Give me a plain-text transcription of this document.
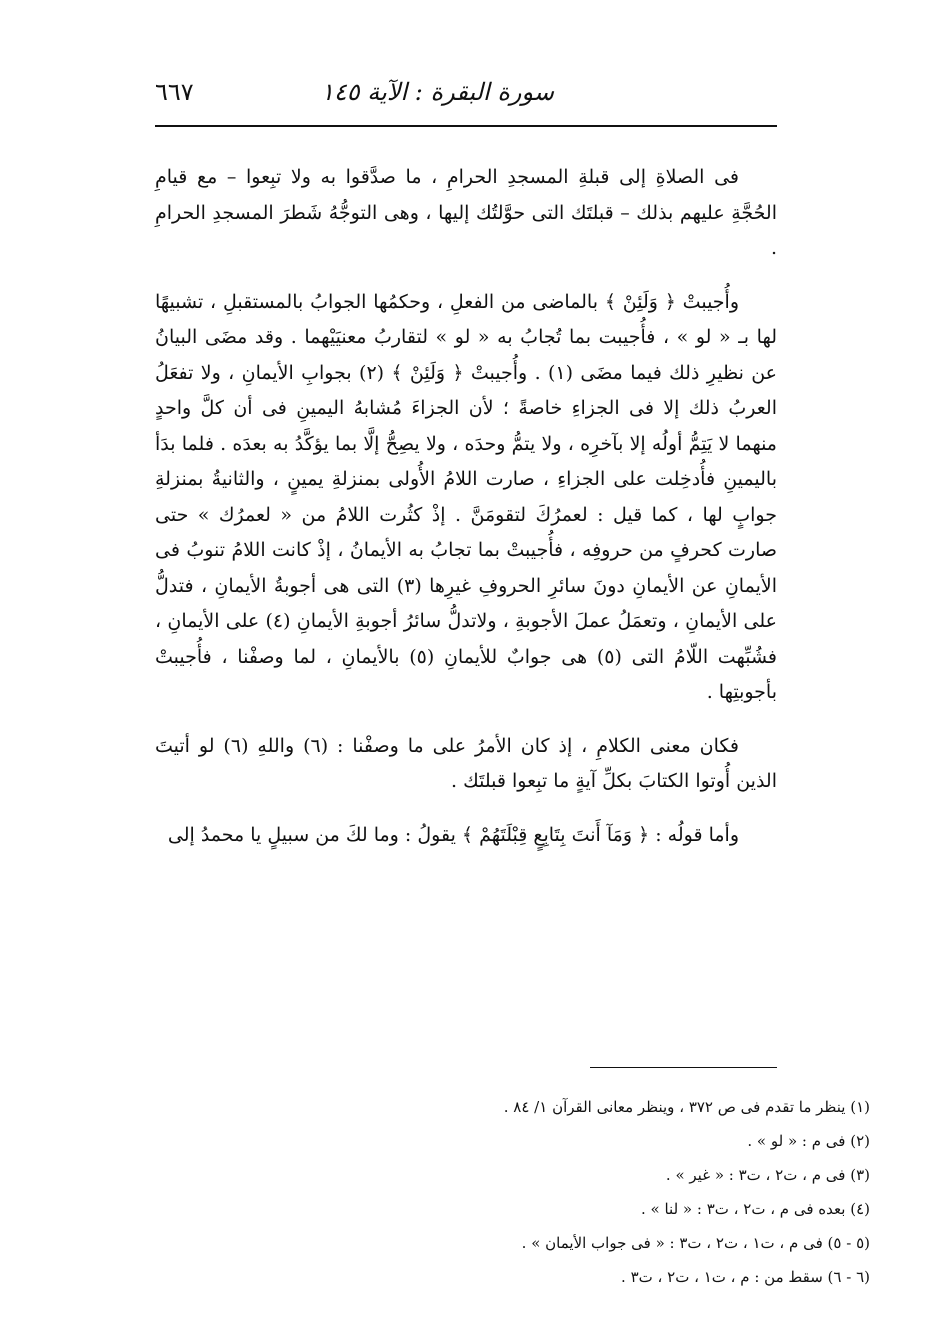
سورة البقرة : الآية ١٤٥
٦٦٧

فى الصلاةِ إلى قبلةِ المسجدِ الحرامِ ، ما صدَّقوا به ولا تبِعوا – مع قيامِ الحُجَّةِ عليهم بذلك – قبلتَك التى حوَّلتُك إليها ، وهى التوجُّهُ شَطرَ المسجدِ الحرامِ .

وأُجيبتْ ﴿ وَلَئِنْ ﴾ بالماضى من الفعلِ ، وحكمُها الجوابُ بالمستقبلِ ، تشبيهًا لها بـ « لو » ، فأُجيبت بما تُجابُ به « لو » لتقاربُ معنيَيْهما . وقد مضَى البيانُ عن نظيرِ ذلك فيما مضَى (١) . وأُجيبتْ ﴿ وَلَئِنْ ﴾ (٢) بجوابِ الأيمانِ ، ولا تفعَلُ العربُ ذلك إلا فى الجزاءِ خاصةً ؛ لأن الجزاءَ مُشابهُ اليمينِ فى أن كلَّ واحدٍ منهما لا يَتِمُّ أولُه إلا بآخرِه ، ولا يتمُّ وحدَه ، ولا يصِحُّ إلَّا بما يؤكَّدُ به بعدَه . فلما بدَأ باليمينِ فأُدخِلت على الجزاءِ ، صارت اللامُ الأُولى بمنزلةِ يمينٍ ، والثانيةُ بمنزلةِ جوابٍ لها ، كما قيل : لعمرُكَ لتقومَنَّ . إذْ كثُرت اللامُ من « لعمرُك » حتى صارت كحرفٍ من حروفِه ، فأُجيبتْ بما تجابُ به الأيمانُ ، إذْ كانت اللامُ تنوبُ فى الأيمانِ عن الأيمانِ دونَ سائرِ الحروفِ غيرِها (٣) التى هى أجوبةُ الأيمانِ ، فتدلُّ على الأيمانِ ، وتعمَلُ عملَ الأجوبةِ ، ولاتدلُّ سائرُ أجوبةِ الأيمانِ (٤) على الأيمانِ ، فشُبِّهت اللّامُ التى (٥) هى جوابٌ للأيمانِ (٥) بالأيمانِ ، لما وصفْنا ، فأُجيبتْ بأجوبتِها .

فكان معنى الكلامِ ، إذ كان الأمرُ على ما وصفْنا : (٦) واللهِ (٦) لو أتيتَ الذين أُوتوا الكتابَ بكلِّ آيةٍ ما تبِعوا قبلتَك .

وأما قولُه : ﴿ وَمَآ أَنتَ بِتَابِعٍ قِبْلَتَهُمْ ﴾ يقولُ : وما لكَ من سبيلٍ يا محمدُ إلى

(١) ينظر ما تقدم فى ص ٣٧٢ ، وينظر معانى القرآن ١/ ٨٤ .
(٢) فى م : « لو » .
(٣) فى م ، ت٢ ، ت٣ : « غير » .
(٤) بعده فى م ، ت٢ ، ت٣ : « لنا » .
(٥ - ٥) فى م ، ت١ ، ت٢ ، ت٣ : « فى جواب الأيمان » .
(٦ - ٦) سقط من : م ، ت١ ، ت٢ ، ت٣ .
